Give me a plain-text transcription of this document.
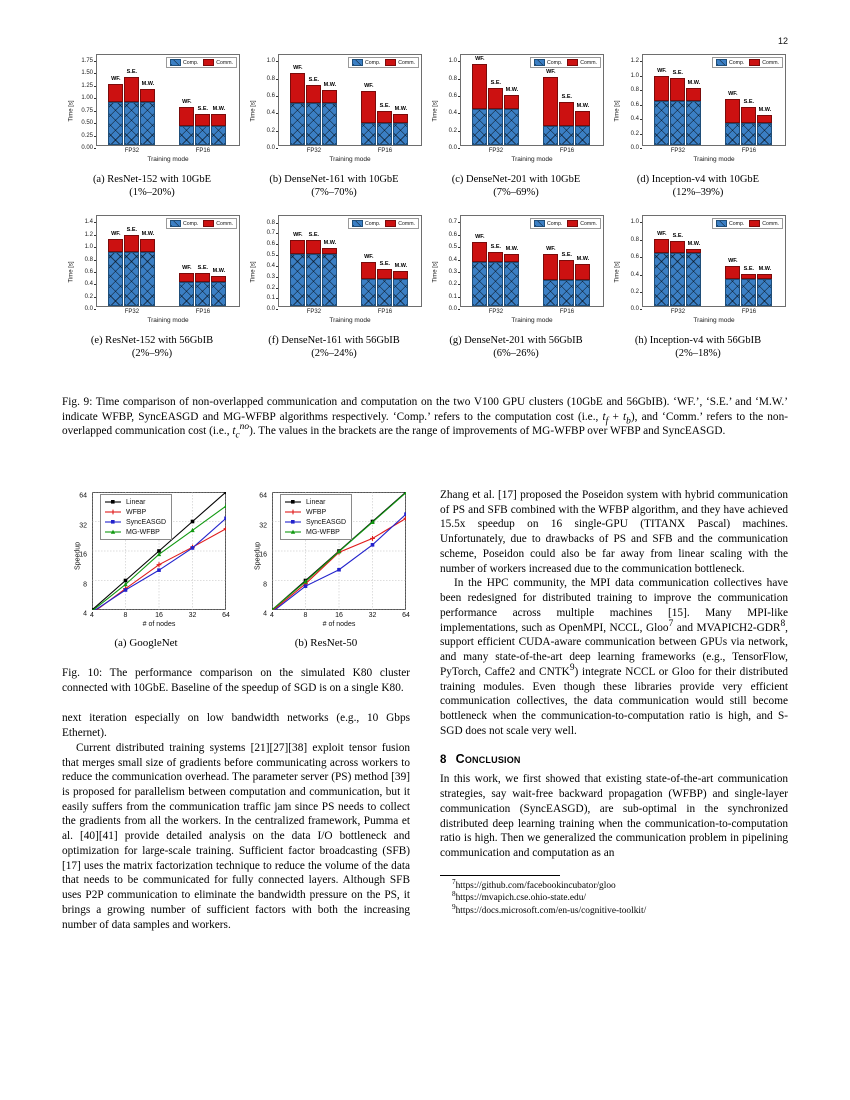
12
Time [s]
0.00
0.25
0.50
0.75
1.00
1.25
1.50
1.75
WF.
S.E.
M.W.
FP32
WF.
S.E. M.W.
FP16
Comp.	Comm.
Training mode
(a) ResNet-152 with 10GbE
(1%–20%)
Time [s]
0.0
0.2
0.4
0.6
0.8
1.0
WF.
S.E.
M.W.
FP32
WF.
S.E. M.W.
FP16
Comp.	Comm.
Training mode
(b) DenseNet-161 with 10GbE
(7%–70%)
Time [s]
0.0
0.2
0.4
0.6
0.8
1.0	WF.
S.E.
M.W.
FP32
WF.
S.E.
M.W.
FP16
Comp.	Comm.
Training mode
(c) DenseNet-201 with 10GbE
(7%–69%)
Time [s]
0.0
0.2
0.4
0.6
0.8
1.0
1.2
WF. S.E.
M.W.
FP32
WF.
S.E.
M.W.
FP16
Comp.	Comm.
Training mode
(d) Inception-v4 with 10GbE
(12%–39%)
Time [s]
0.0
0.2
0.4
0.6
0.8
1.0
1.2
1.4
WF.
S.E.
M.W.
FP32
WF. S.E.
M.W.
FP16
Comp.	Comm.
Training mode
(e) ResNet-152 with 56GbIB
(2%–9%)
Time [s]
0.0
0.1
0.2
0.3
0.4
0.5
0.6
0.7
0.8
WF. S.E.
M.W.
FP32
WF.
S.E. M.W.
FP16
Comp.	Comm.
Training mode
(f) DenseNet-161 with 56GbIB
(2%–24%)
Time [s]
0.0
0.1
0.2
0.3
0.4
0.5
0.6
0.7
WF.
S.E. M.W.
FP32
WF.
S.E.
M.W.
FP16
Comp.	Comm.
Training mode
(g) DenseNet-201 with 56GbIB
(6%–26%)
Time [s]
0.0
0.2
0.4
0.6
0.8
1.0
WF. S.E.
M.W.
FP32
WF.
S.E. M.W.
FP16
Comp.	Comm.
Training mode
(h) Inception-v4 with 56GbIB
(2%–18%)
Fig. 9: Time comparison of non-overlapped communication and computation on the two V100 GPU clusters (10GbE and 56GbIB). ‘WF.’, ‘S.E.’ and ‘M.W.’ indicate WFBP, SyncEASGD and MG-WFBP algorithms respectively. ‘Comp.’ refers to the computation cost (i.e., $t_f + t_b$), and ‘Comm.’ refers to the non-overlapped communication cost (i.e., $t_c^{no}$). The values in the brackets are the range of improvements of MG-WFBP over WFBP and SyncEASGD.
Speedup
4
8
16
32
64
Linear
WFBP
SyncEASGD
MG-WFBP
4	8	16	32	64
# of nodes
Speedup
4
8
16
32
64
Linear
WFBP
SyncEASGD
MG-WFBP
4	8	16	32	64
# of nodes
(a) GoogleNet	(b) ResNet-50

Fig. 10: The performance comparison on the simulated K80 cluster connected with 10GbE. Baseline of the speedup of SGD is on a single K80.

next iteration especially on low bandwidth networks (e.g., 10 Gbps Ethernet).

Current distributed training systems [21][27][38] exploit tensor fusion that merges small size of gradients before communicating across workers to reduce the communication overhead. The parameter server (PS) method [39] is proposed for parallelism between computation and communication, but it easily suffers from the communication traffic jam since PS needs to collect the gradients from all the workers. In the centralized framework, Pumma et al. [40][41] provide detailed analysis on the data I/O bottleneck and optimization for large-scale training. Sufficient factor broadcasting (SFB) [17] uses the matrix factorization technique to reduce the volume of the data that needs to be communicated for fully connected layers. Although SFB uses P2P communication to eliminate the bandwidth pressure on the PS, it brings a growing number of sufficient factors with both the increasing number of data samples and workers.

Zhang et al. [17] proposed the Poseidon system with hybrid communication of PS and SFB combined with the WFBP algorithm, and they have achieved 15.5x speedup on 16 single-GPU (TITANX Pascal) machines. Unfortunately, due to drawbacks of PS and SFB and the communication scheme, Poseidon could also be far away from linear scaling with the number of workers increased due to the communication bottleneck.

In the HPC community, the MPI data communication collectives have been redesigned for distributed training to improve the communication performance across multiple machines [15]. Many MPI-like implementations, such as OpenMPI, NCCL, Gloo$^7$ and MVAPICH2-GDR$^8$, support efficient CUDA-aware communication between GPUs via network, and many state-of-the-art deep learning frameworks (e.g., TensorFlow, PyTorch, Caffe2 and CNTK$^9$) integrate NCCL or Gloo for their distributed training modules. Even though these libraries provide very efficient communication collectives, the data communication would still become bottleneck when the communication-to-computation ratio is high, and S-SGD does not scale very well.

8 Conclusion

In this work, we first showed that existing state-of-the-art communication strategies, say wait-free backward propagation (WFBP) and single-layer communication (SyncEASGD), are sub-optimal in the synchronized distributed deep learning training when the communication-to-computation ratio is high. Then we generalized the communication problem in pipelining communication and computation as an

$^7$https://github.com/facebookincubator/gloo
$^8$https://mvapich.cse.ohio-state.edu/
$^9$https://docs.microsoft.com/en-us/cognitive-toolkit/
